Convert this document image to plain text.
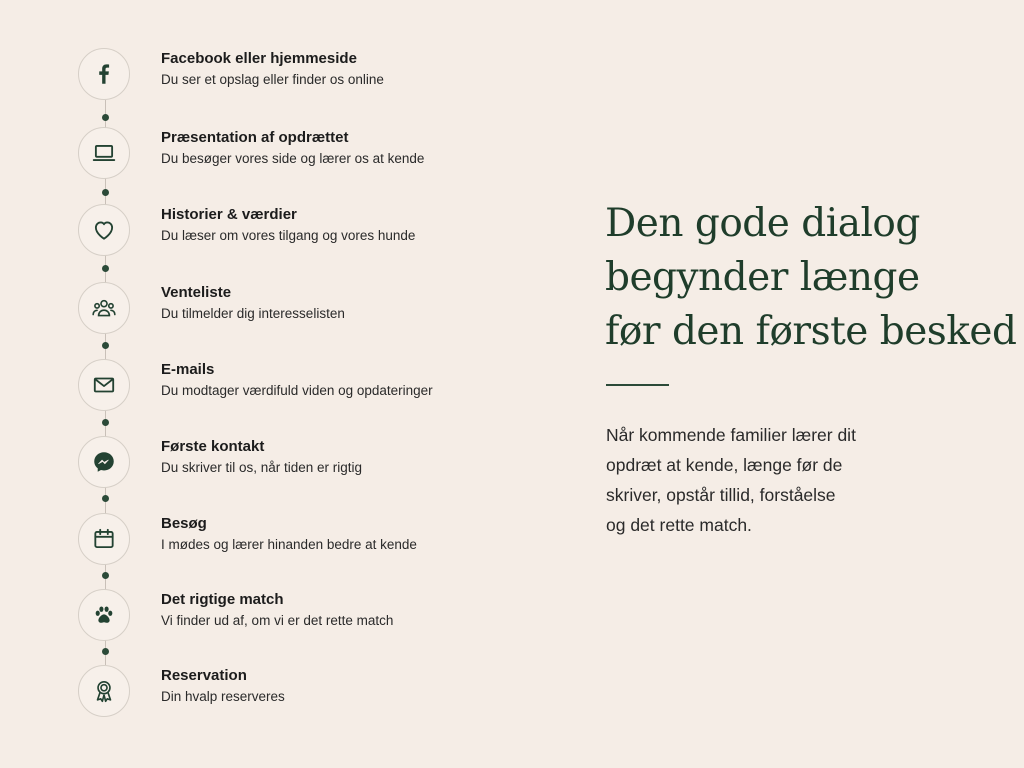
Facebook eller hjemmeside
Du ser et opslag eller finder os online
Præsentation af opdrættet
Du besøger vores side og lærer os at kende
Historier & værdier
Du læser om vores tilgang og vores hunde
Venteliste
Du tilmelder dig interesselisten
E-mails
Du modtager værdifuld viden og opdateringer
Første kontakt
Du skriver til os, når tiden er rigtig
Besøg
I mødes og lærer hinanden bedre at kende
Det rigtige match
Vi finder ud af, om vi er det rette match
Reservation
Din hvalp reserveres
Den gode dialog
begynder længe
før den første besked

Når kommende familier lærer dit
opdræt at kende, længe før de
skriver, opstår tillid, forståelse
og det rette match.
